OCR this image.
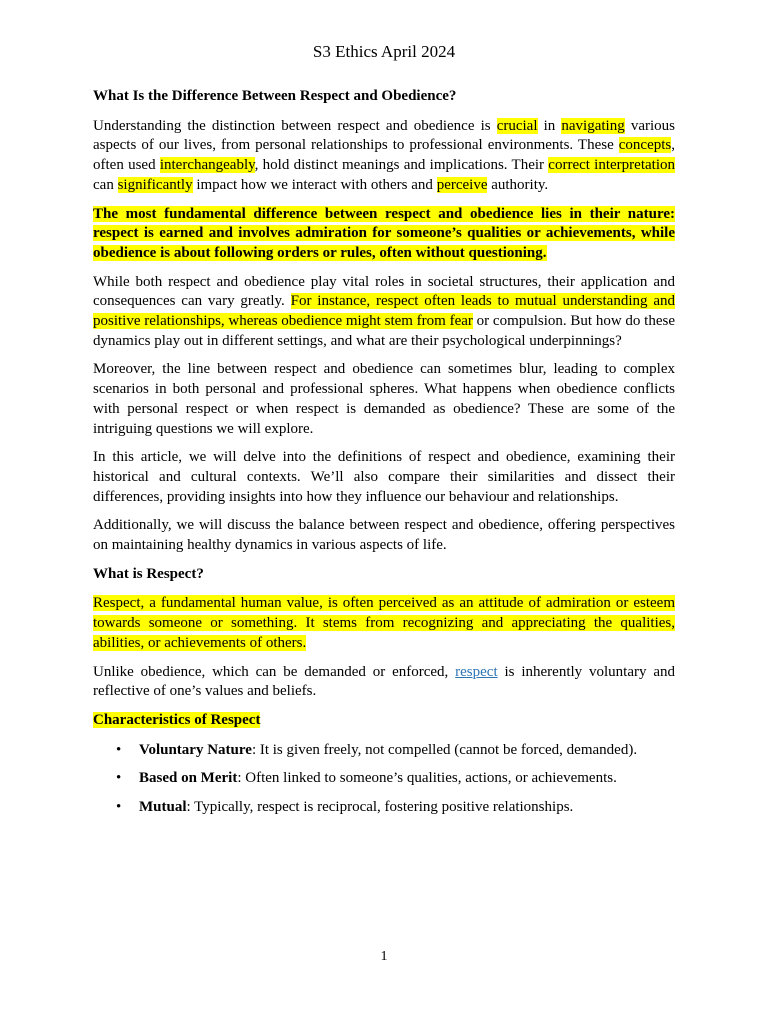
S3 Ethics April 2024
What Is the Difference Between Respect and Obedience?

Understanding the distinction between respect and obedience is crucial in navigating various aspects of our lives, from personal relationships to professional environments. These concepts, often used interchangeably, hold distinct meanings and implications. Their correct interpretation can significantly impact how we interact with others and perceive authority.

The most fundamental difference between respect and obedience lies in their nature: respect is earned and involves admiration for someone’s qualities or achievements, while obedience is about following orders or rules, often without questioning.

While both respect and obedience play vital roles in societal structures, their application and consequences can vary greatly. For instance, respect often leads to mutual understanding and positive relationships, whereas obedience might stem from fear or compulsion. But how do these dynamics play out in different settings, and what are their psychological underpinnings?

Moreover, the line between respect and obedience can sometimes blur, leading to complex scenarios in both personal and professional spheres. What happens when obedience conflicts with personal respect or when respect is demanded as obedience? These are some of the intriguing questions we will explore.

In this article, we will delve into the definitions of respect and obedience, examining their historical and cultural contexts. We’ll also compare their similarities and dissect their differences, providing insights into how they influence our behaviour and relationships.

Additionally, we will discuss the balance between respect and obedience, offering perspectives on maintaining healthy dynamics in various aspects of life.

What is Respect?

Respect, a fundamental human value, is often perceived as an attitude of admiration or esteem towards someone or something. It stems from recognizing and appreciating the qualities, abilities, or achievements of others.

Unlike obedience, which can be demanded or enforced, respect is inherently voluntary and reflective of one’s values and beliefs.

Characteristics of Respect
• Voluntary Nature: It is given freely, not compelled (cannot be forced, demanded).
• Based on Merit: Often linked to someone’s qualities, actions, or achievements.
• Mutual: Typically, respect is reciprocal, fostering positive relationships.
1
